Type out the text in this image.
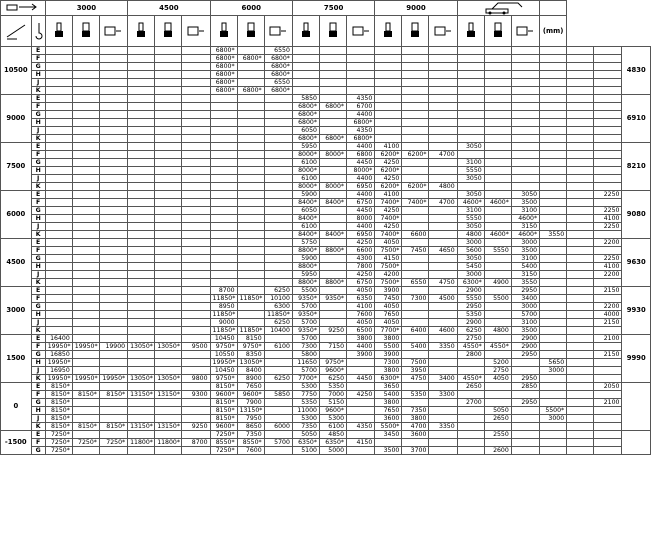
	3000			4500			6000			7500			9000		
																				(mm)			
10500	E							6800*		6550													4830
	F							6800*	6800*	6800*													
	G							6800*		6800*													
	H							6800*		6800*													
	J							6800*		6550													
	K							6800*	6800*	6800*													
9000	E										5850		4350										6910
	F										6800*	6800*	6700										
	G										6800*		4400										
	H										6800*		6800*										
	J										6050		4350										
	K										6800*	6800*	6800*										
7500	E										5950		4400	4100			3050						8210
	F										8000*	8000*	6800	6200*	6200*	4700							
	G										6100		4450	4250			3100						
	H										8000*		8000*	6200*			5550						
	J										6100		4400	4250			3050						
	K										8000*	8000*	6950	6200*	6200*	4800							
6000	E										5900		4400	4100			3050		3050			2250	9080
	F										8400*	8400*	6750	7400*	7400*	4700	4600*	4600*	3500				
	G										6050		4450	4250			3100		3100			2250	
	H										8400*		8000	7400*			5550		4600*			4100	
	J										6100		4400	4250			3050		3150			2250	
	K										8400*	8400*	6950	7400*	6600		4800	4600*	4600*	3550			
4500	E										5750		4250	4050			3000		3000			2200	9630
	F										8800*	8800*	6600	7500*	7450	4650	5600	5550	3500				
	G										5900		4300	4150			3050		3100			2250	
	H										8800*		7800	7500*			5450		5400			4100	
	J										5950		4250	4200			3000		3150			2200	
	K										8800*	8800*	6750	7500*	6550	4750	6300*	4900	3550				
3000	E							8700		6250	5500		4050	3900			2900		2950			2150	9930
	F							11850*	11850*	10100	9350*	9350*	6350	7450	7300	4500	5550	5500	3400				
	G							8950		6300	5700		4100	4050			2950		3000			2200	
	H							11850*		11850*	9350*		7600	7650			5350		5700			4000	
	J							9000		6250	5700		4050	4050			2900		3100			2150	
	K							11850*	11850*	10400	9350*	9250	6500	7700*	6400	4600	6250	4800	3500				
1500	E	16400						10450	8150		5700		3800	3800			2750		2900			2100	9990
	F	19950*	19950*	19900	13050*	13050*	9500	9750*	9750*	6100	7300	7150	4400	5500	5400	3350	4550*	4550*	2900				
	G	16850						10550	8350		5800		3900	3900			2800		2950			2150	
	H	19950*						19950*	13050*		11650	9750*		7300	7500			5200		5650			
	J	16950						10450	8400		5700	9600*		3800	3950			2750		3000			
	K	19950*	19950*	19950*	13050*	13050*	9800	9750*	8900	6250	7700*	6250	4450	6300*	4750	3400	4550*	4050	2950				
0	E	8150*						8150*	7650		5300	5350		3650			2650		2850			2050	
	F	8150*	8150*	8150*	13150*	13150*	9300	9600*	9600*	5850	7750	7000	4250	5400	5350	3300							
	G	8150*						8150*	7900		5350	5150		3800			2700		2950			2100	
	H	8150*						8150*	13150*		11000	9600*		7650	7350			5050		5500*			
	J	8150*						8150*	7950		5300	5300		3600	3800			2650		3000			
	K	8150*	8150*	8150*	13150*	13150*	9250	9600*	8650	6000	7350	6100	4350	5500*	4700	3350							
-1500	E	7250*						7250*	7350		5050	4850		3450	3600			2550					
	F	7250*	7250*	7250*	11800*	11800*	8700	8550*	8550*	5700	6350*	6350*	4150										
	G	7250*						7250*	7600		5100	5000		3500	3700			2600					
